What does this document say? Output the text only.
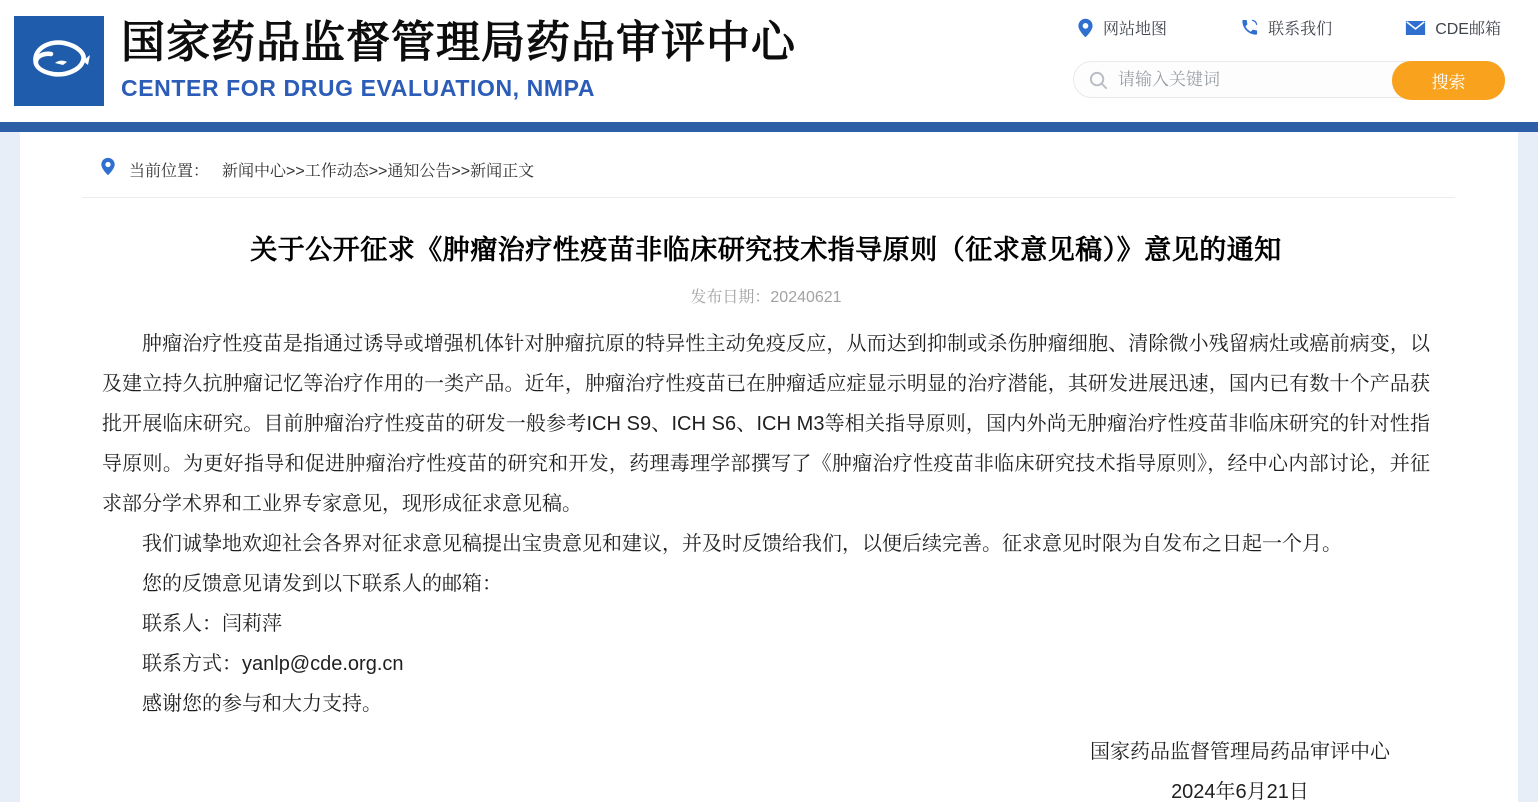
国家药品监督管理局药品审评中心
CENTER FOR DRUG EVALUATION, NMPA
网站地图	联系我们	CDE邮箱
请输入关键词
搜索
当前位置： 新闻中心>>工作动态>>通知公告>>新闻正文
关于公开征求《肿瘤治疗性疫苗非临床研究技术指导原则（征求意见稿）》意见的通知
发布日期：20240621

肿瘤治疗性疫苗是指通过诱导或增强机体针对肿瘤抗原的特异性主动免疫反应，从而达到抑制或杀伤肿瘤细胞、清除微小残留病灶或癌前病变，以及建立持久抗肿瘤记忆等治疗作用的一类产品。近年，肿瘤治疗性疫苗已在肿瘤适应症显示明显的治疗潜能，其研发进展迅速，国内已有数十个产品获批开展临床研究。目前肿瘤治疗性疫苗的研发一般参考ICH S9、ICH S6、ICH M3等相关指导原则，国内外尚无肿瘤治疗性疫苗非临床研究的针对性指导原则。为更好指导和促进肿瘤治疗性疫苗的研究和开发，药理毒理学部撰写了《肿瘤治疗性疫苗非临床研究技术指导原则》，经中心内部讨论，并征求部分学术界和工业界专家意见，现形成征求意见稿。

我们诚挚地欢迎社会各界对征求意见稿提出宝贵意见和建议，并及时反馈给我们，以便后续完善。征求意见时限为自发布之日起一个月。

您的反馈意见请发到以下联系人的邮箱：

联系人：闫莉萍

联系方式：yanlp@cde.org.cn

感谢您的参与和大力支持。

国家药品监督管理局药品审评中心
2024年6月21日
